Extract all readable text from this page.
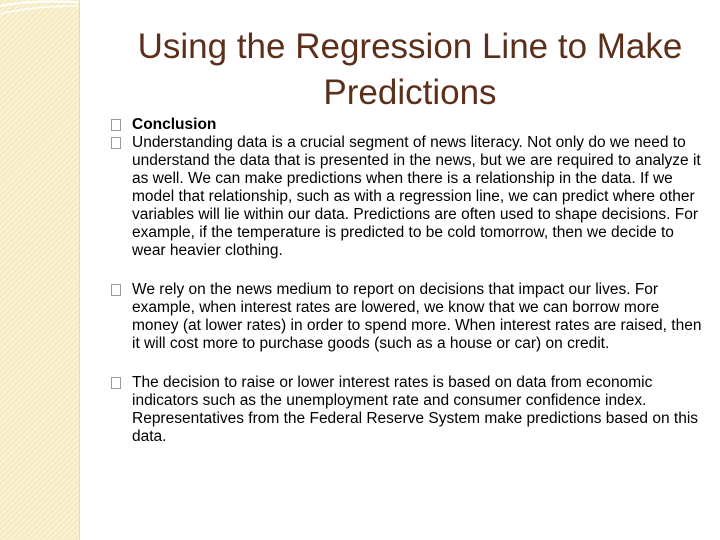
Using the Regression Line to Make Predictions

Conclusion

Understanding data is a crucial segment of news literacy. Not only do we need to understand the data that is presented in the news, but we are required to analyze it as well. We can make predictions when there is a relationship in the data. If we model that relationship, such as with a regression line, we can predict where other variables will lie within our data. Predictions are often used to shape decisions. For example, if the temperature is predicted to be cold tomorrow, then we decide to wear heavier clothing.

We rely on the news medium to report on decisions that impact our lives. For example, when interest rates are lowered, we know that we can borrow more money (at lower rates) in order to spend more. When interest rates are raised, then it will cost more to purchase goods (such as a house or car) on credit.

The decision to raise or lower interest rates is based on data from economic indicators such as the unemployment rate and consumer confidence index. Representatives from the Federal Reserve System make predictions based on this data.
